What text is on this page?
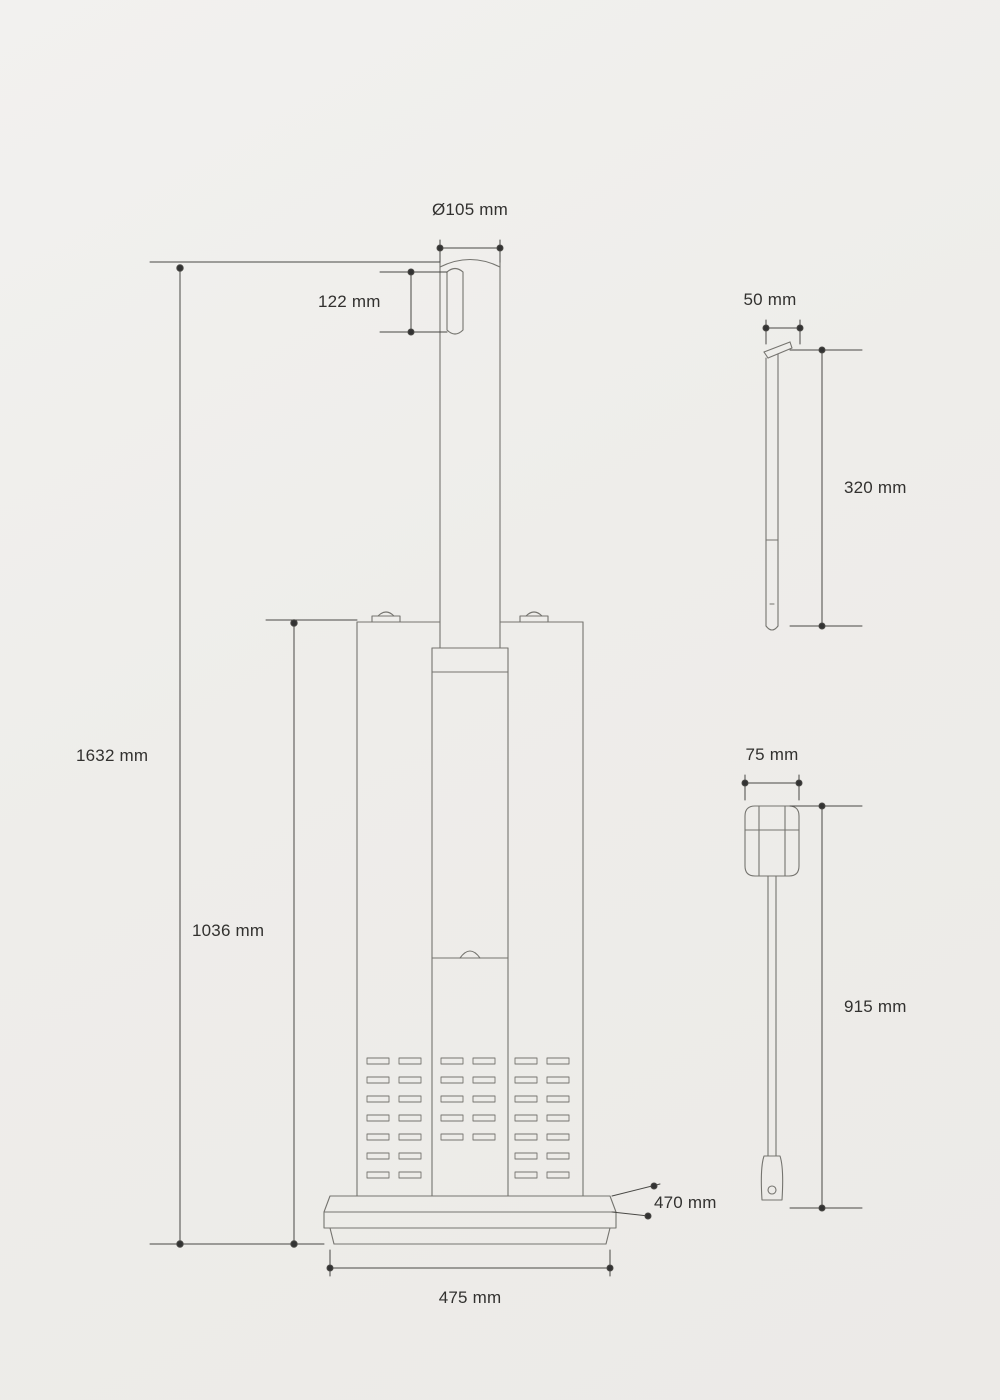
Ø105 mm
122 mm
1632 mm
1036 mm
470 mm
475 mm
50 mm
320 mm
75 mm
915 mm
